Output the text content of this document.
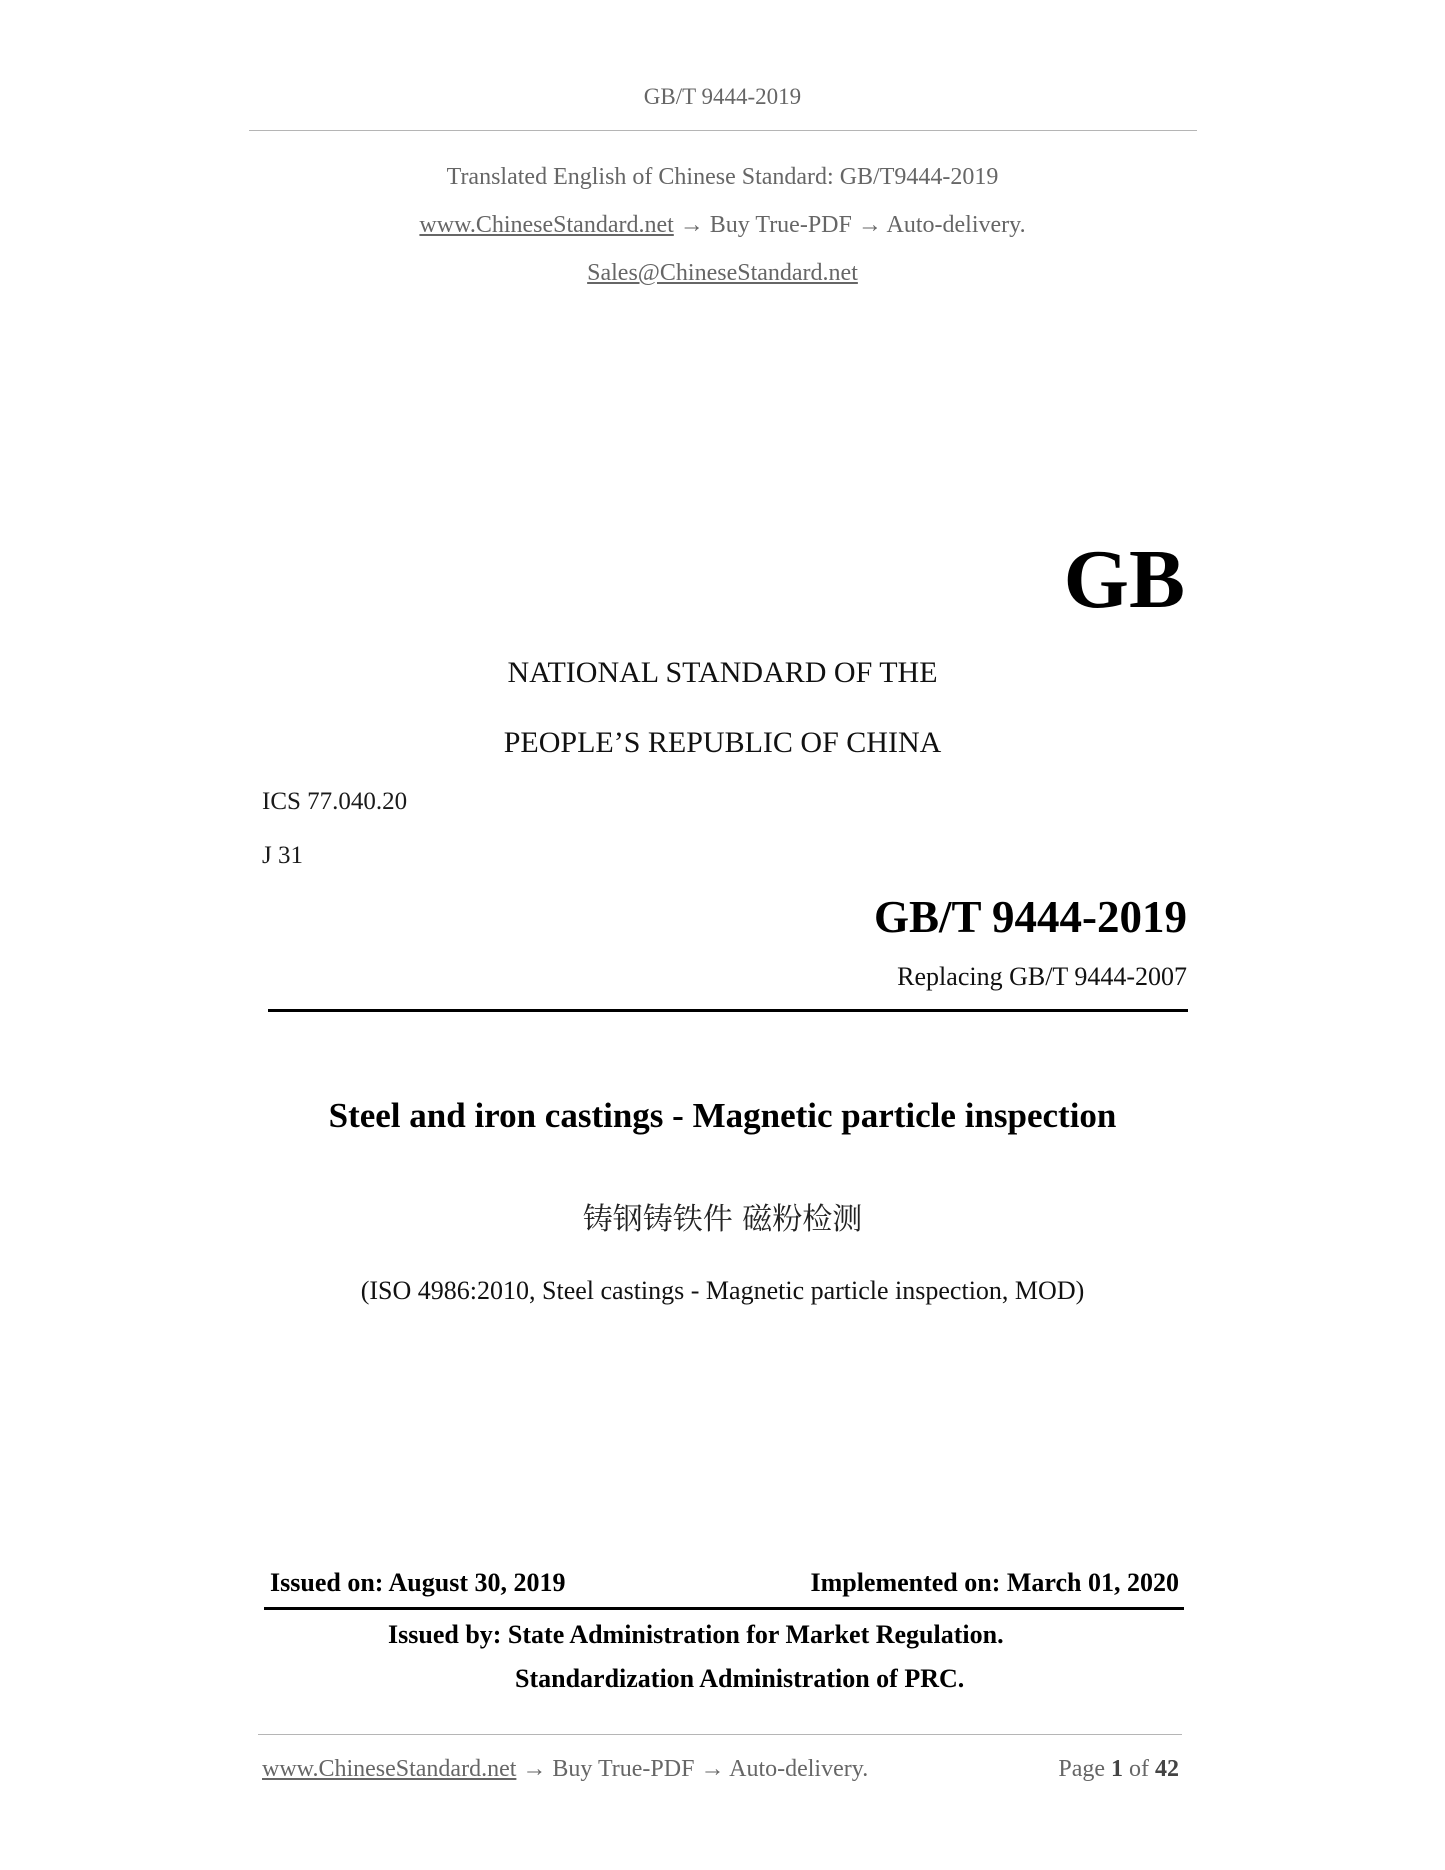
GB/T 9444-2019
Translated English of Chinese Standard: GB/T9444-2019
www.ChineseStandard.net → Buy True-PDF → Auto-delivery.
Sales@ChineseStandard.net
GB
NATIONAL STANDARD OF THE
PEOPLE’S REPUBLIC OF CHINA
ICS 77.040.20
J 31
GB/T 9444-2019
Replacing GB/T 9444-2007
Steel and iron castings - Magnetic particle inspection
铸钢铸铁件 磁粉检测
(ISO 4986:2010, Steel castings - Magnetic particle inspection, MOD)
Issued on: August 30, 2019	Implemented on: March 01, 2020
Issued by: State Administration for Market Regulation.
Standardization Administration of PRC.
www.ChineseStandard.net → Buy True-PDF → Auto-delivery.	Page 1 of 42
